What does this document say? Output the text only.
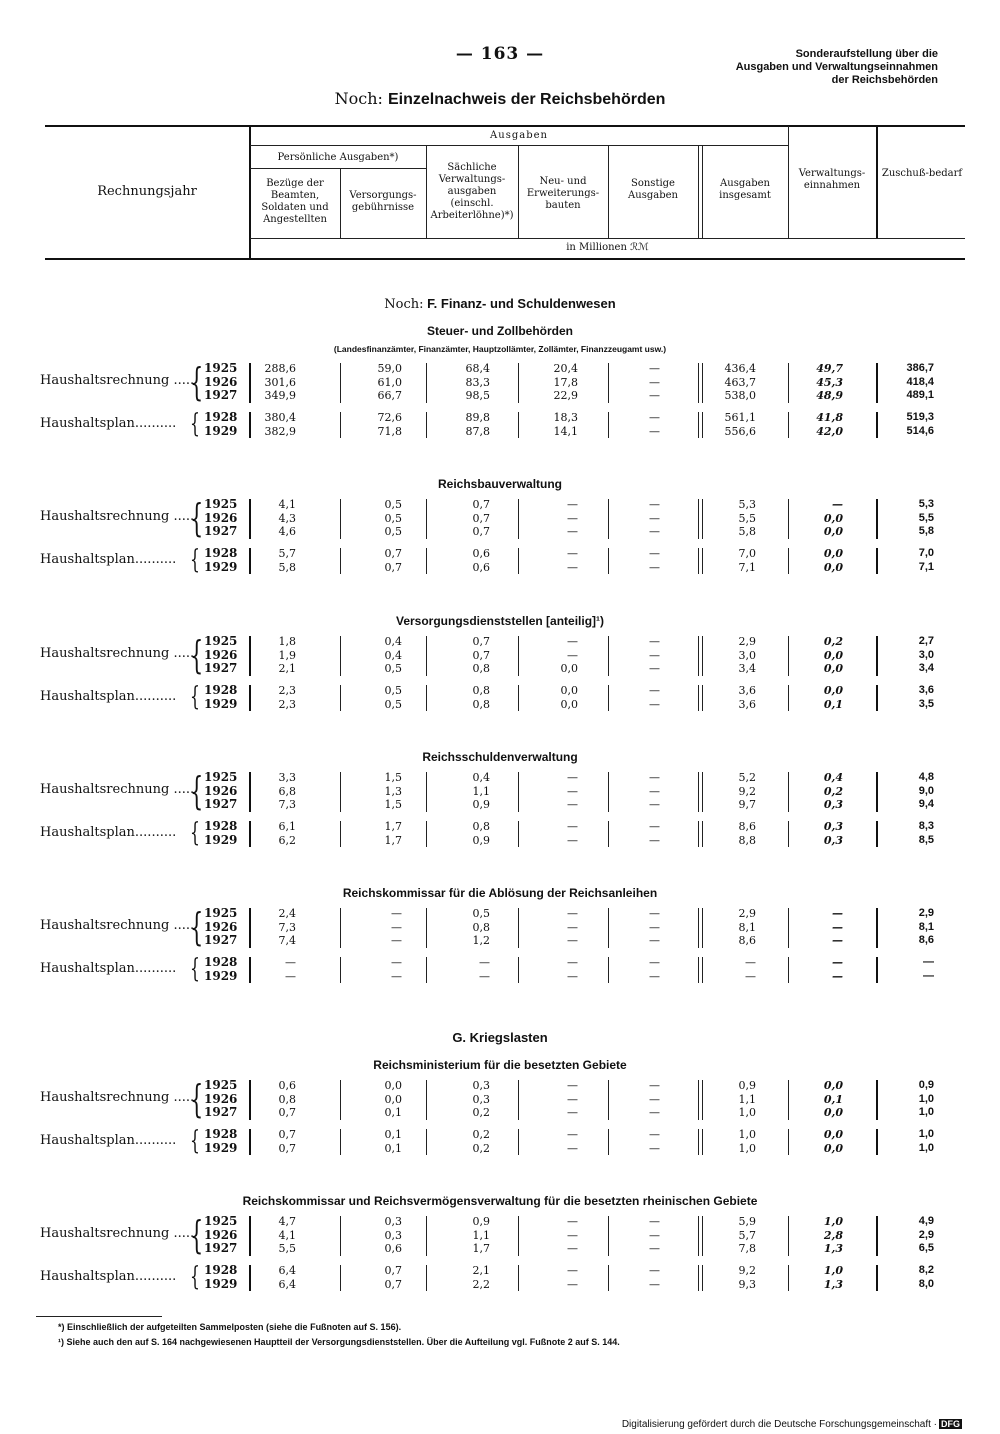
— 163 —	Sonderaufstellung über die
Ausgaben und Verwaltungseinnahmen
der Reichsbehörden
Noch: Einzelnachweis der Reichsbehörden
Rechnungsjahr
Ausgaben
Persönliche Ausgaben*)
Bezüge der Beamten, Soldaten und Angestellten
Versorgungs-gebührnisse
Sächliche Verwaltungs-ausgaben (einschl. Arbeiterlöhne)*)
Neu- und Erweiterungs-bauten
Sonstige Ausgaben
Ausgaben insgesamt
Verwaltungs-einnahmen
Zuschuß-bedarf
in Millionen ℛℳ
Noch: F. Finanz- und Schuldenwesen
Steuer- und Zollbehörden
(Landesfinanzämter, Finanzämter, Hauptzollämter, Zollämter, Finanzzeugamt usw.)
Reichsbauverwaltung
Versorgungsdienststellen [anteilig]¹)
Reichsschuldenverwaltung
Reichskommissar für die Ablösung der Reichsanleihen
G. Kriegslasten
Reichsministerium für die besetzten Gebiete
Reichskommissar und Reichsvermögensverwaltung für die besetzten rheinischen Gebiete
Haushaltsrechnung .....
{ 1925	288,6	59,0	68,4	20,4	—	436,4	49,7	386,7
1926	301,6	61,0	83,3	17,8	—	463,7	45,3	418,4
1927	349,9	66,7	98,5	22,9	—	538,0	48,9	489,1
Haushaltsplan.......... { 1928	380,4	72,6	89,8	18,3	—	561,1	41,8	519,3
1929	382,9	71,8	87,8	14,1	—	556,6	42,0	514,6
Haushaltsrechnung .....
{ 1925	4,1	0,5	0,7	—	—	5,3	—	5,3
1926	4,3	0,5	0,7	—	—	5,5	0,0	5,5
1927	4,6	0,5	0,7	—	—	5,8	0,0	5,8
Haushaltsplan.......... { 1928	5,7	0,7	0,6	—	—	7,0	0,0	7,0
1929	5,8	0,7	0,6	—	—	7,1	0,0	7,1
Haushaltsrechnung .....
{ 1925	1,8	0,4	0,7	—	—	2,9	0,2	2,7
1926	1,9	0,4	0,7	—	—	3,0	0,0	3,0
1927	2,1	0,5	0,8	0,0	—	3,4	0,0	3,4
Haushaltsplan.......... { 1928	2,3	0,5	0,8	0,0	—	3,6	0,0	3,6
1929	2,3	0,5	0,8	0,0	—	3,6	0,1	3,5
Haushaltsrechnung .....
{ 1925	3,3	1,5	0,4	—	—	5,2	0,4	4,8
1926	6,8	1,3	1,1	—	—	9,2	0,2	9,0
1927	7,3	1,5	0,9	—	—	9,7	0,3	9,4
Haushaltsplan.......... { 1928	6,1	1,7	0,8	—	—	8,6	0,3	8,3
1929	6,2	1,7	0,9	—	—	8,8	0,3	8,5
Haushaltsrechnung .....
{ 1925	2,4	—	0,5	—	—	2,9	—	2,9
1926	7,3	—	0,8	—	—	8,1	—	8,1
1927	7,4	—	1,2	—	—	8,6	—	8,6
Haushaltsplan.......... { 1928	—	—	—	—	—	—	—	—
1929	—	—	—	—	—	—	—	—
Haushaltsrechnung .....
{ 1925	0,6	0,0	0,3	—	—	0,9	0,0	0,9
1926	0,8	0,0	0,3	—	—	1,1	0,1	1,0
1927	0,7	0,1	0,2	—	—	1,0	0,0	1,0
Haushaltsplan.......... { 1928	0,7	0,1	0,2	—	—	1,0	0,0	1,0
1929	0,7	0,1	0,2	—	—	1,0	0,0	1,0
Haushaltsrechnung .....
{ 1925	4,7	0,3	0,9	—	—	5,9	1,0	4,9
1926	4,1	0,3	1,1	—	—	5,7	2,8	2,9
1927	5,5	0,6	1,7	—	—	7,8	1,3	6,5
Haushaltsplan.......... { 1928	6,4	0,7	2,1	—	—	9,2	1,0	8,2
1929	6,4	0,7	2,2	—	—	9,3	1,3	8,0
*) Einschließlich der aufgeteilten Sammelposten (siehe die Fußnoten auf S. 156).
¹) Siehe auch den auf S. 164 nachgewiesenen Hauptteil der Versorgungsdienststellen. Über die Aufteilung vgl. Fußnote 2 auf S. 144.
Digitalisierung gefördert durch die Deutsche Forschungsgemeinschaft · DFG
